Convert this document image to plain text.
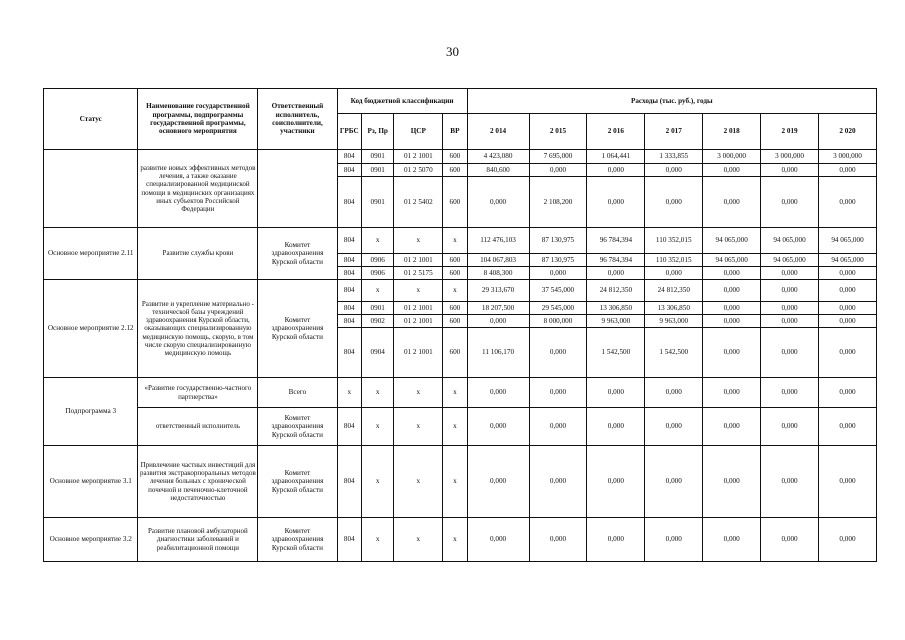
30
Статус	Наименование государственной программы, подпрограммы государственной программы, основного мероприятия	Ответственный исполнитель, соисполнители, участники	Код бюджетной классификации				Расходы (тыс. руб.), годы						
			ГРБС	Рз, Пр	ЦСР	ВР	2 014	2 015	2 016	2 017	2 018	2 019	2 020
	развитие новых эффективных методов лечения, а также оказание специализированной медицинской помощи в медицинских организациях иных субъектов Российской Федерации		804	0901	01 2 1001	600	4 423,080	7 695,000	1 064,441	1 333,855	3 000,000	3 000,000	3 000,000
			804	0901	01 2 5070	600	840,600	0,000	0,000	0,000	0,000	0,000	0,000
			804	0901	01 2 5402	600	0,000	2 108,200	0,000	0,000	0,000	0,000	0,000
Основное мероприятие 2.11	Развитие службы крови	Комитет здравоохранения Курской области	804	x	x	x	112 476,103	87 130,975	96 784,394	110 352,015	94 065,000	94 065,000	94 065,000
			804	0906	01 2 1001	600	104 067,803	87 130,975	96 784,394	110 352,015	94 065,000	94 065,000	94 065,000
			804	0906	01 2 5175	600	8 408,300	0,000	0,000	0,000	0,000	0,000	0,000
Основное мероприятие 2.12	Развитие и укрепление материально - технической базы учреждений здравоохранения Курской области, оказывающих специализированную медицинскую помощь, скорую, в том числе скорую специализированную медицинскую помощь	Комитет здравоохранения Курской области	804	x	x	x	29 313,670	37 545,000	24 812,350	24 812,350	0,000	0,000	0,000
			804	0901	01 2 1001	600	18 207,500	29 545,000	13 306,850	13 306,850	0,000	0,000	0,000
			804	0902	01 2 1001	600	0,000	8 000,000	9 963,000	9 963,000	0,000	0,000	0,000
			804	0904	01 2 1001	600	11 106,170	0,000	1 542,500	1 542,500	0,000	0,000	0,000
Подпрограмма 3	«Развитие государственно-частного партнерства»	Всего	x	x	x	x	0,000	0,000	0,000	0,000	0,000	0,000	0,000
	ответственный исполнитель	Комитет здравоохранения Курской области	804	x	x	x	0,000	0,000	0,000	0,000	0,000	0,000	0,000
Основное мероприятие 3.1	Привлечение частных инвестиций для развития экстракорпоральных методов лечения больных с хронической почечной и печеночно-клеточной недостаточностью	Комитет здравоохранения Курской области	804	x	x	x	0,000	0,000	0,000	0,000	0,000	0,000	0,000
Основное мероприятие 3.2	Развитие плановой амбулаторной диагностики заболеваний и реабилитационной помощи	Комитет здравоохранения Курской области	804	x	x	x	0,000	0,000	0,000	0,000	0,000	0,000	0,000
